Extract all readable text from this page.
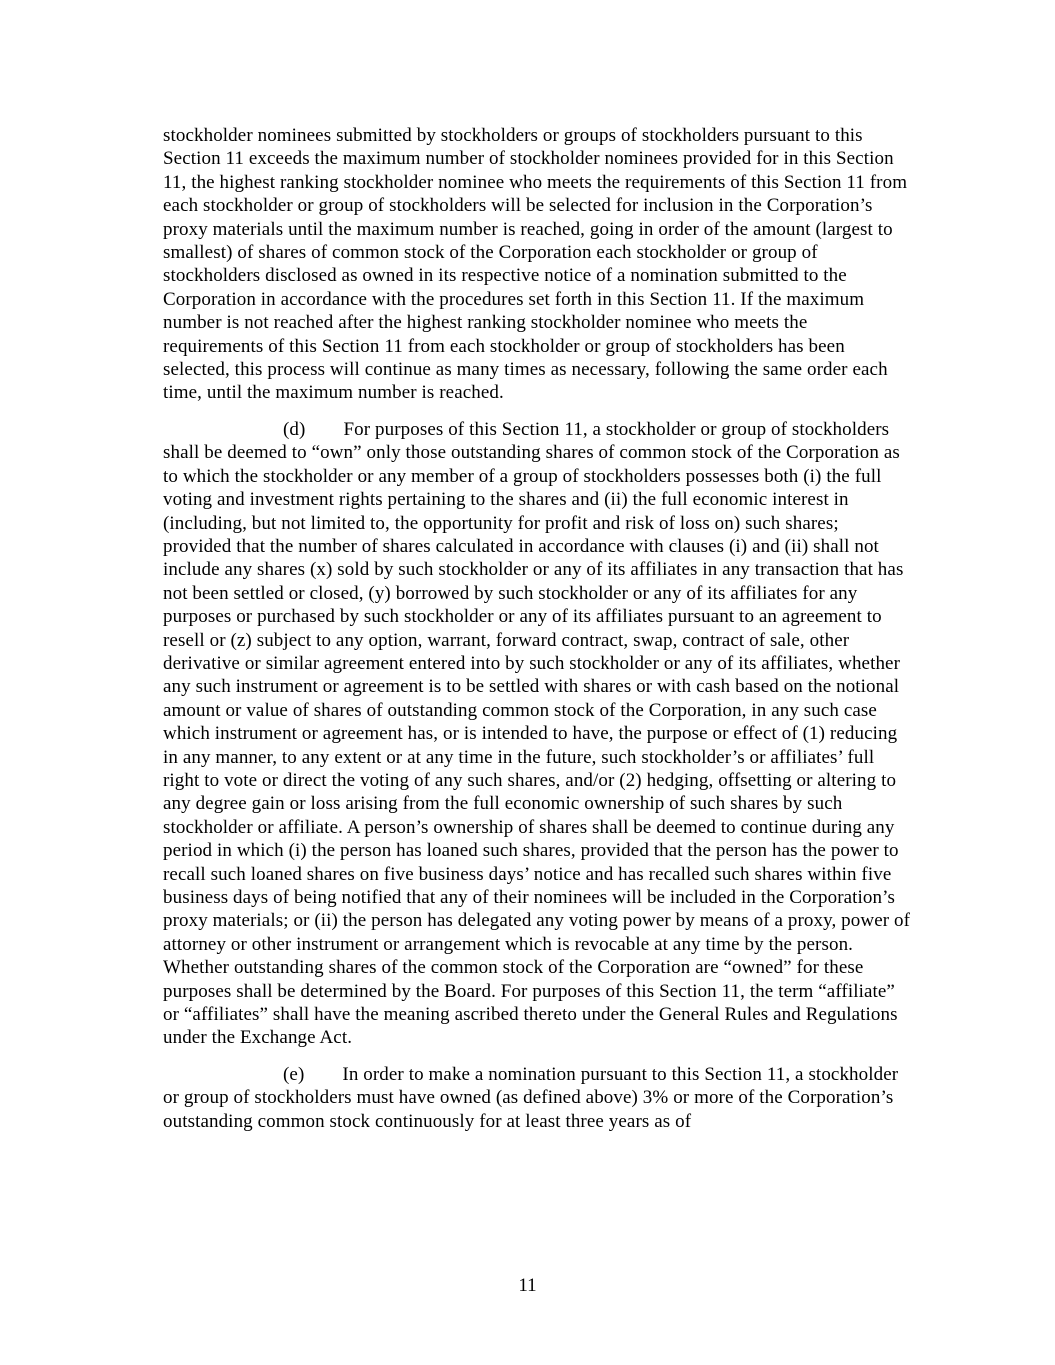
stockholder nominees submitted by stockholders or groups of stockholders pursuant to this Section 11 exceeds the maximum number of stockholder nominees provided for in this Section 11, the highest ranking stockholder nominee who meets the requirements of this Section 11 from each stockholder or group of stockholders will be selected for inclusion in the Corporation’s proxy materials until the maximum number is reached, going in order of the amount (largest to smallest) of shares of common stock of the Corporation each stockholder or group of stockholders disclosed as owned in its respective notice of a nomination submitted to the Corporation in accordance with the procedures set forth in this Section 11. If the maximum number is not reached after the highest ranking stockholder nominee who meets the requirements of this Section 11 from each stockholder or group of stockholders has been selected, this process will continue as many times as necessary, following the same order each time, until the maximum number is reached.

(d) For purposes of this Section 11, a stockholder or group of stockholders shall be deemed to “own” only those outstanding shares of common stock of the Corporation as to which the stockholder or any member of a group of stockholders possesses both (i) the full voting and investment rights pertaining to the shares and (ii) the full economic interest in (including, but not limited to, the opportunity for profit and risk of loss on) such shares; provided that the number of shares calculated in accordance with clauses (i) and (ii) shall not include any shares (x) sold by such stockholder or any of its affiliates in any transaction that has not been settled or closed, (y) borrowed by such stockholder or any of its affiliates for any purposes or purchased by such stockholder or any of its affiliates pursuant to an agreement to resell or (z) subject to any option, warrant, forward contract, swap, contract of sale, other derivative or similar agreement entered into by such stockholder or any of its affiliates, whether any such instrument or agreement is to be settled with shares or with cash based on the notional amount or value of shares of outstanding common stock of the Corporation, in any such case which instrument or agreement has, or is intended to have, the purpose or effect of (1) reducing in any manner, to any extent or at any time in the future, such stockholder’s or affiliates’ full right to vote or direct the voting of any such shares, and/or (2) hedging, offsetting or altering to any degree gain or loss arising from the full economic ownership of such shares by such stockholder or affiliate. A person’s ownership of shares shall be deemed to continue during any period in which (i) the person has loaned such shares, provided that the person has the power to recall such loaned shares on five business days’ notice and has recalled such shares within five business days of being notified that any of their nominees will be included in the Corporation’s proxy materials; or (ii) the person has delegated any voting power by means of a proxy, power of attorney or other instrument or arrangement which is revocable at any time by the person. Whether outstanding shares of the common stock of the Corporation are “owned” for these purposes shall be determined by the Board. For purposes of this Section 11, the term “affiliate” or “affiliates” shall have the meaning ascribed thereto under the General Rules and Regulations under the Exchange Act.

(e) In order to make a nomination pursuant to this Section 11, a stockholder or group of stockholders must have owned (as defined above) 3% or more of the Corporation’s outstanding common stock continuously for at least three years as of

11
